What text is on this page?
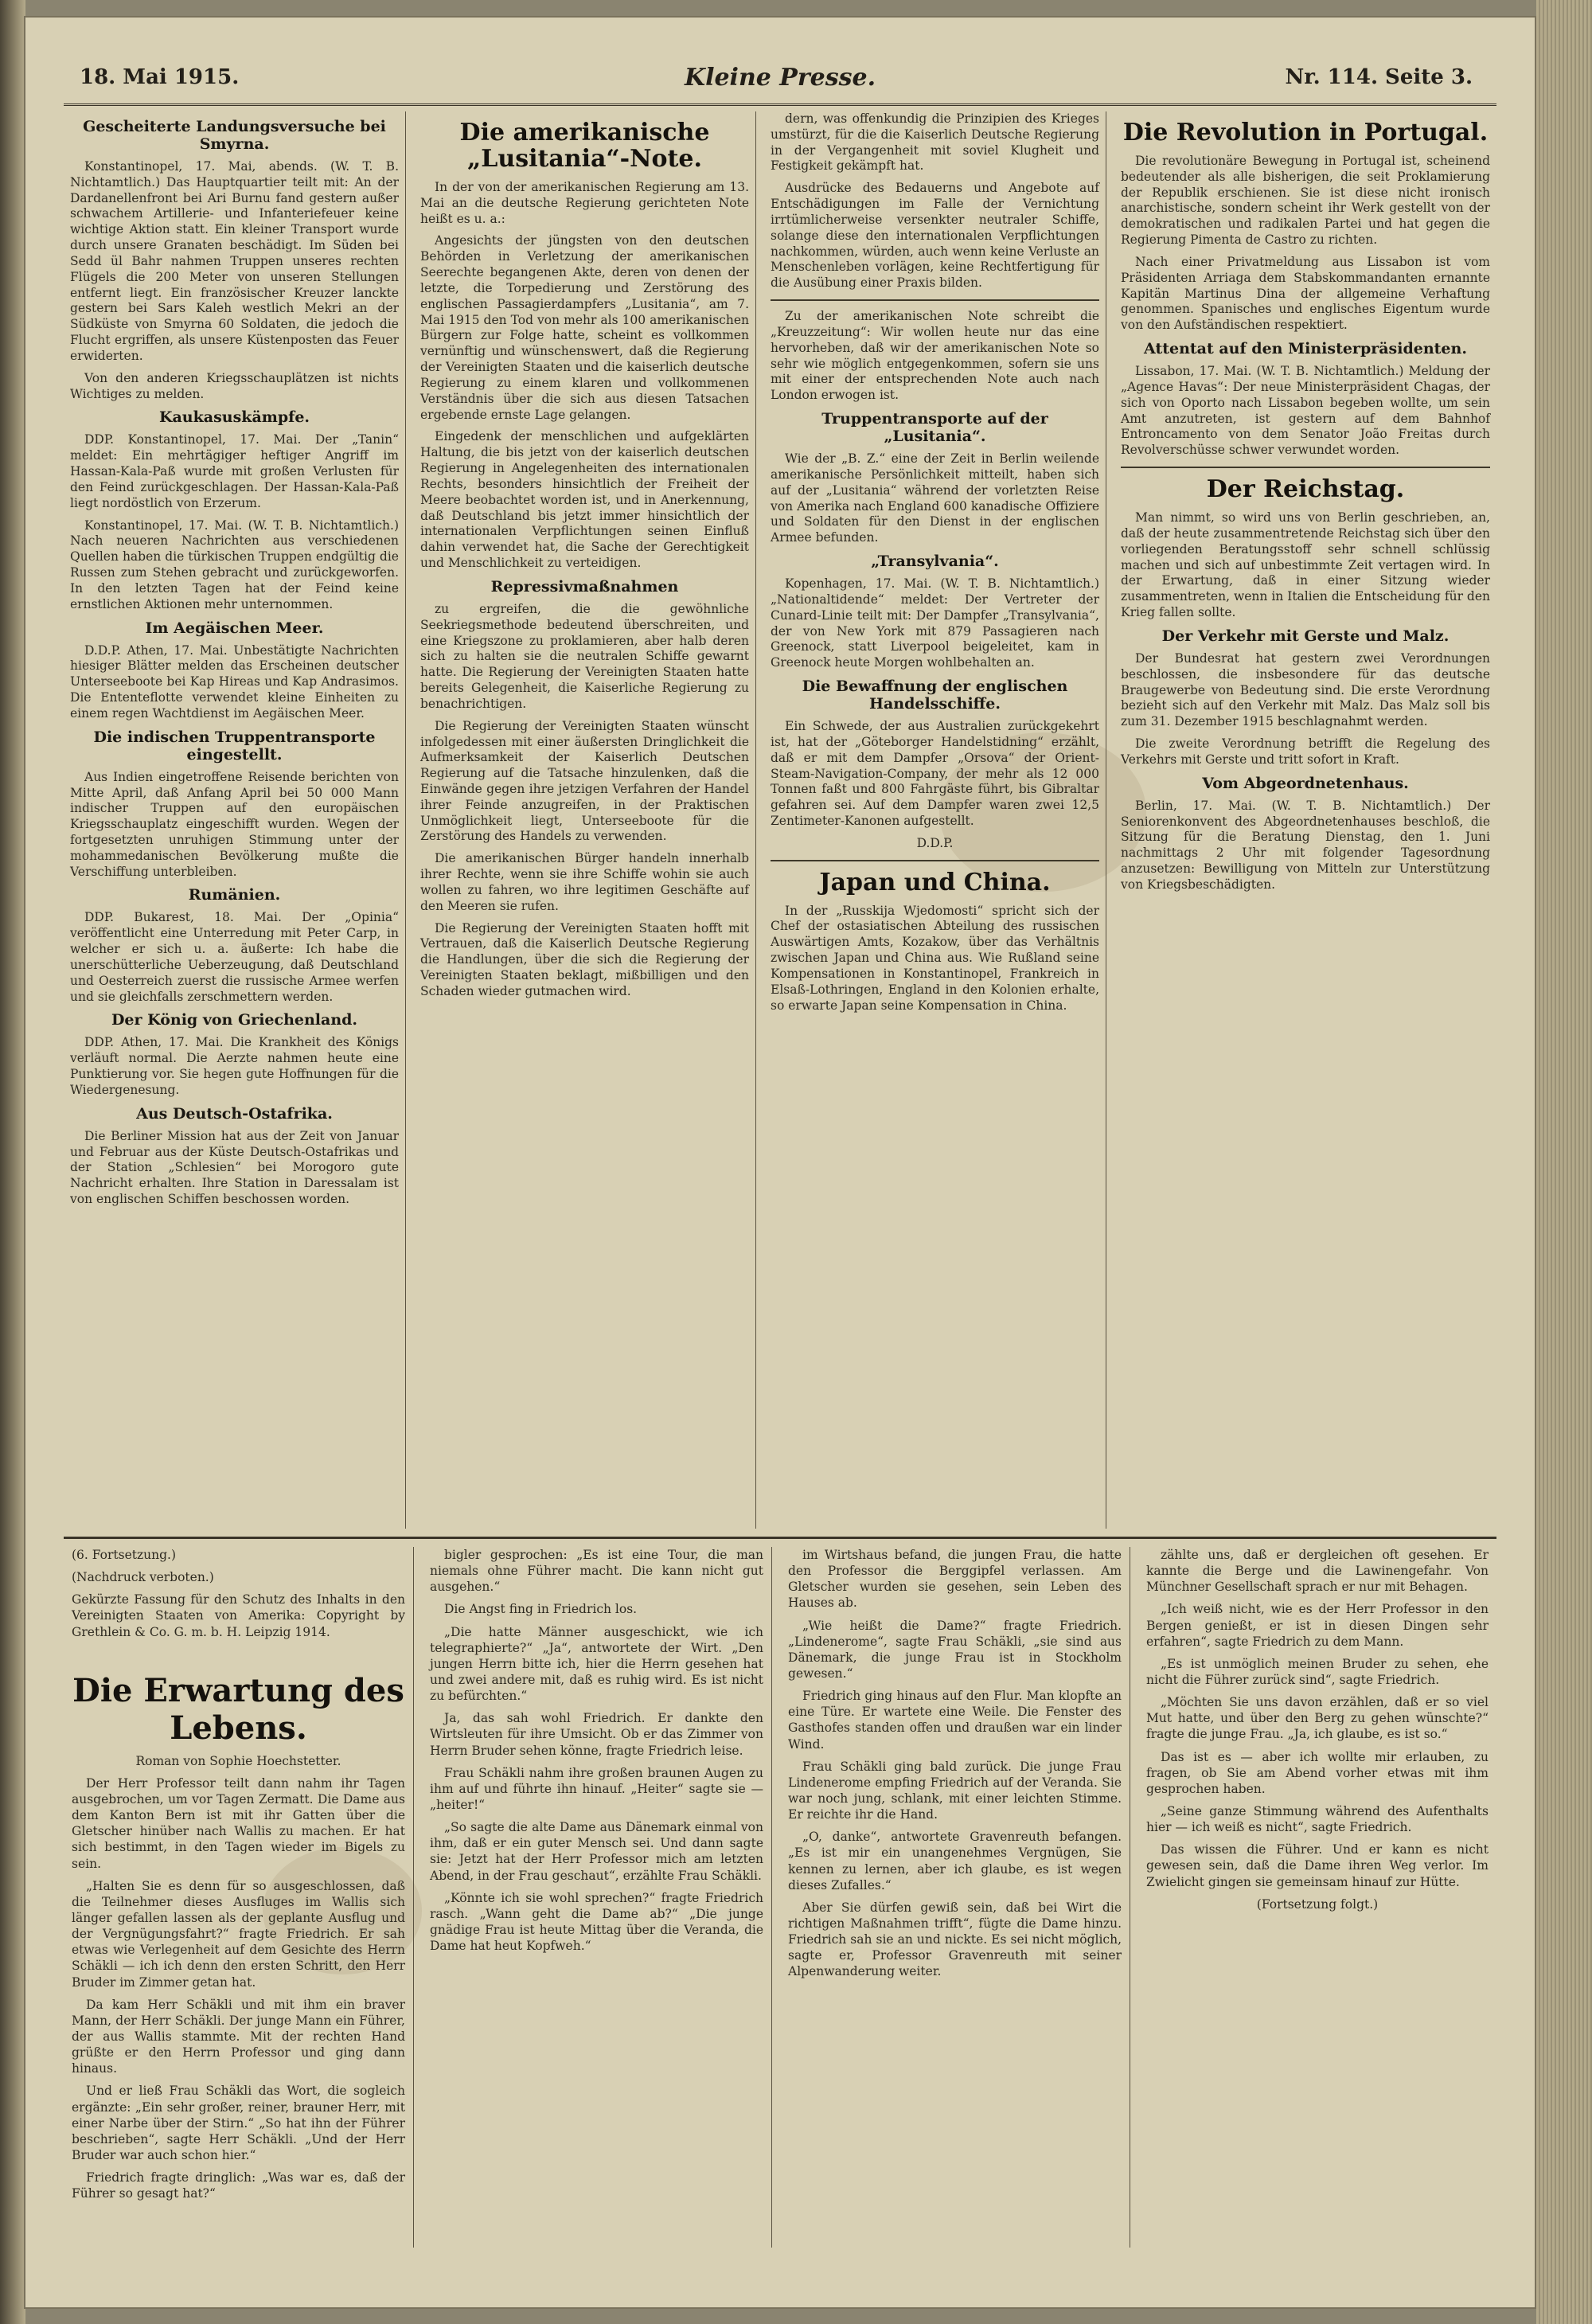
18. Mai 1915.	Kleine Presse.	Nr. 114. Seite 3.
Gescheiterte Landungsversuche bei Smyrna.

Konstantinopel, 17. Mai, abends. (W. T. B. Nichtamtlich.) Das Hauptquartier teilt mit: An der Dardanellenfront bei Ari Burnu fand gestern außer schwachem Artillerie- und Infanteriefeuer keine wichtige Aktion statt. Ein kleiner Transport wurde durch unsere Granaten beschädigt. Im Süden bei Sedd ül Bahr nahmen Truppen unseres rechten Flügels die 200 Meter von unseren Stellungen entfernt liegt. Ein französischer Kreuzer lanckte gestern bei Sars Kaleh westlich Mekri an der Südküste von Smyrna 60 Soldaten, die jedoch die Flucht ergriffen, als unsere Küstenposten das Feuer erwiderten.

Von den anderen Kriegsschauplätzen ist nichts Wichtiges zu melden.

Kaukasuskämpfe.

DDP. Konstantinopel, 17. Mai. Der „Tanin“ meldet: Ein mehrtägiger heftiger Angriff im Hassan-Kala-Paß wurde mit großen Verlusten für den Feind zurückgeschlagen. Der Hassan-Kala-Paß liegt nordöstlich von Erzerum.

Konstantinopel, 17. Mai. (W. T. B. Nichtamtlich.) Nach neueren Nachrichten aus verschiedenen Quellen haben die türkischen Truppen endgültig die Russen zum Stehen gebracht und zurückgeworfen. In den letzten Tagen hat der Feind keine ernstlichen Aktionen mehr unternommen.

Im Aegäischen Meer.

D.D.P. Athen, 17. Mai. Unbestätigte Nachrichten hiesiger Blätter melden das Erscheinen deutscher Unterseeboote bei Kap Hireas und Kap Andrasimos. Die Ententeflotte verwendet kleine Einheiten zu einem regen Wachtdienst im Aegäischen Meer.

Die indischen Truppentransporte eingestellt.

Aus Indien eingetroffene Reisende berichten von Mitte April, daß Anfang April bei 50 000 Mann indischer Truppen auf den europäischen Kriegsschauplatz eingeschifft wurden. Wegen der fortgesetzten unruhigen Stimmung unter der mohammedanischen Bevölkerung mußte die Verschiffung unterbleiben.

Rumänien.

DDP. Bukarest, 18. Mai. Der „Opinia“ veröffentlicht eine Unterredung mit Peter Carp, in welcher er sich u. a. äußerte: Ich habe die unerschütterliche Ueberzeugung, daß Deutschland und Oesterreich zuerst die russische Armee werfen und sie gleichfalls zerschmettern werden.

Der König von Griechenland.

DDP. Athen, 17. Mai. Die Krankheit des Königs verläuft normal. Die Aerzte nahmen heute eine Punktierung vor. Sie hegen gute Hoffnungen für die Wiedergenesung.

Aus Deutsch-Ostafrika.

Die Berliner Mission hat aus der Zeit von Januar und Februar aus der Küste Deutsch-Ostafrikas und der Station „Schlesien“ bei Morogoro gute Nachricht erhalten. Ihre Station in Daressalam ist von englischen Schiffen beschossen worden.

Die amerikanische „Lusitania“-Note.

In der von der amerikanischen Regierung am 13. Mai an die deutsche Regierung gerichteten Note heißt es u. a.:

Angesichts der jüngsten von den deutschen Behörden in Verletzung der amerikanischen Seerechte begangenen Akte, deren von denen der letzte, die Torpedierung und Zerstörung des englischen Passagierdampfers „Lusitania“, am 7. Mai 1915 den Tod von mehr als 100 amerikanischen Bürgern zur Folge hatte, scheint es vollkommen vernünftig und wünschenswert, daß die Regierung der Vereinigten Staaten und die kaiserlich deutsche Regierung zu einem klaren und vollkommenen Verständnis über die sich aus diesen Tatsachen ergebende ernste Lage gelangen.

Eingedenk der menschlichen und aufgeklärten Haltung, die bis jetzt von der kaiserlich deutschen Regierung in Angelegenheiten des internationalen Rechts, besonders hinsichtlich der Freiheit der Meere beobachtet worden ist, und in Anerkennung, daß Deutschland bis jetzt immer hinsichtlich der internationalen Verpflichtungen seinen Einfluß dahin verwendet hat, die Sache der Gerechtigkeit und Menschlichkeit zu verteidigen.

Repressivmaßnahmen

zu ergreifen, die die gewöhnliche Seekriegsmethode bedeutend überschreiten, und eine Kriegszone zu proklamieren, aber halb deren sich zu halten sie die neutralen Schiffe gewarnt hatte. Die Regierung der Vereinigten Staaten hatte bereits Gelegenheit, die Kaiserliche Regierung zu benachrichtigen.

Die Regierung der Vereinigten Staaten wünscht infolgedessen mit einer äußersten Dringlichkeit die Aufmerksamkeit der Kaiserlich Deutschen Regierung auf die Tatsache hinzulenken, daß die Einwände gegen ihre jetzigen Verfahren der Handel ihrer Feinde anzugreifen, in der Praktischen Unmöglichkeit liegt, Unterseeboote für die Zerstörung des Handels zu verwenden.

Die amerikanischen Bürger handeln innerhalb ihrer Rechte, wenn sie ihre Schiffe wohin sie auch wollen zu fahren, wo ihre legitimen Geschäfte auf den Meeren sie rufen.

Die Regierung der Vereinigten Staaten hofft mit Vertrauen, daß die Kaiserlich Deutsche Regierung die Handlungen, über die sich die Regierung der Vereinigten Staaten beklagt, mißbilligen und den Schaden wieder gutmachen wird.

dern, was offenkundig die Prinzipien des Krieges umstürzt, für die die Kaiserlich Deutsche Regierung in der Vergangenheit mit soviel Klugheit und Festigkeit gekämpft hat.

Ausdrücke des Bedauerns und Angebote auf Entschädigungen im Falle der Vernichtung irrtümlicherweise versenkter neutraler Schiffe, solange diese den internationalen Verpflichtungen nachkommen, würden, auch wenn keine Verluste an Menschenleben vorlägen, keine Rechtfertigung für die Ausübung einer Praxis bilden.

Zu der amerikanischen Note schreibt die „Kreuzzeitung“: Wir wollen heute nur das eine hervorheben, daß wir der amerikanischen Note so sehr wie möglich entgegenkommen, sofern sie uns mit einer der entsprechenden Note auch nach London erwogen ist.

Truppentransporte auf der „Lusitania“.

Wie der „B. Z.“ eine der Zeit in Berlin weilende amerikanische Persönlichkeit mitteilt, haben sich auf der „Lusitania“ während der vorletzten Reise von Amerika nach England 600 kanadische Offiziere und Soldaten für den Dienst in der englischen Armee befunden.

„Transylvania“.

Kopenhagen, 17. Mai. (W. T. B. Nichtamtlich.) „Nationaltidende“ meldet: Der Vertreter der Cunard-Linie teilt mit: Der Dampfer „Transylvania“, der von New York mit 879 Passagieren nach Greenock, statt Liverpool beigeleitet, kam in Greenock heute Morgen wohlbehalten an.

Die Bewaffnung der englischen Handelsschiffe.

Ein Schwede, der aus Australien zurückgekehrt ist, hat der „Göteborger Handelstidning“ erzählt, daß er mit dem Dampfer „Orsova“ der Orient-Steam-Navigation-Company, der mehr als 12 000 Tonnen faßt und 800 Fahrgäste führt, bis Gibraltar gefahren sei. Auf dem Dampfer waren zwei 12,5 Zentimeter-Kanonen aufgestellt.

D.D.P.

Japan und China.

In der „Russkija Wjedomosti“ spricht sich der Chef der ostasiatischen Abteilung des russischen Auswärtigen Amts, Kozakow, über das Verhältnis zwischen Japan und China aus. Wie Rußland seine Kompensationen in Konstantinopel, Frankreich in Elsaß-Lothringen, England in den Kolonien erhalte, so erwarte Japan seine Kompensation in China.

Die Revolution in Portugal.

Die revolutionäre Bewegung in Portugal ist, scheinend bedeutender als alle bisherigen, die seit Proklamierung der Republik erschienen. Sie ist diese nicht ironisch anarchistische, sondern scheint ihr Werk gestellt von der demokratischen und radikalen Partei und hat gegen die Regierung Pimenta de Castro zu richten.

Nach einer Privatmeldung aus Lissabon ist vom Präsidenten Arriaga dem Stabskommandanten ernannte Kapitän Martinus Dina der allgemeine Verhaftung genommen. Spanisches und englisches Eigentum wurde von den Aufständischen respektiert.

Attentat auf den Ministerpräsidenten.

Lissabon, 17. Mai. (W. T. B. Nichtamtlich.) Meldung der „Agence Havas“: Der neue Ministerpräsident Chagas, der sich von Oporto nach Lissabon begeben wollte, um sein Amt anzutreten, ist gestern auf dem Bahnhof Entroncamento von dem Senator João Freitas durch Revolverschüsse schwer verwundet worden.

Der Reichstag.

Man nimmt, so wird uns von Berlin geschrieben, an, daß der heute zusammentretende Reichstag sich über den vorliegenden Beratungsstoff sehr schnell schlüssig machen und sich auf unbestimmte Zeit vertagen wird. In der Erwartung, daß in einer Sitzung wieder zusammentreten, wenn in Italien die Entscheidung für den Krieg fallen sollte.

Der Verkehr mit Gerste und Malz.

Der Bundesrat hat gestern zwei Verordnungen beschlossen, die insbesondere für das deutsche Braugewerbe von Bedeutung sind. Die erste Verordnung bezieht sich auf den Verkehr mit Malz. Das Malz soll bis zum 31. Dezember 1915 beschlagnahmt werden.

Die zweite Verordnung betrifft die Regelung des Verkehrs mit Gerste und tritt sofort in Kraft.

Vom Abgeordnetenhaus.

Berlin, 17. Mai. (W. T. B. Nichtamtlich.) Der Seniorenkonvent des Abgeordnetenhauses beschloß, die Sitzung für die Beratung Dienstag, den 1. Juni nachmittags 2 Uhr mit folgender Tagesordnung anzusetzen: Bewilligung von Mitteln zur Unterstützung von Kriegsbeschädigten.

(6. Fortsetzung.)

(Nachdruck verboten.)

Gekürzte Fassung für den Schutz des Inhalts in den Vereinigten Staaten von Amerika: Copyright by Grethlein & Co. G. m. b. H. Leipzig 1914.

Die Erwartung des Lebens.

Roman von Sophie Hoechstetter.

Der Herr Professor teilt dann nahm ihr Tagen ausgebrochen, um vor Tagen Zermatt. Die Dame aus dem Kanton Bern ist mit ihr Gatten über die Gletscher hinüber nach Wallis zu machen. Er hat sich bestimmt, in den Tagen wieder im Bigels zu sein.

„Halten Sie es denn für so ausgeschlossen, daß die Teilnehmer dieses Ausfluges im Wallis sich länger gefallen lassen als der geplante Ausflug und der Vergnügungsfahrt?“ fragte Friedrich. Er sah etwas wie Verlegenheit auf dem Gesichte des Herrn Schäkli — ich ich denn den ersten Schritt, den Herr Bruder im Zimmer getan hat.

Da kam Herr Schäkli und mit ihm ein braver Mann, der Herr Schäkli. Der junge Mann ein Führer, der aus Wallis stammte. Mit der rechten Hand grüßte er den Herrn Professor und ging dann hinaus.

Und er ließ Frau Schäkli das Wort, die sogleich ergänzte: „Ein sehr großer, reiner, brauner Herr, mit einer Narbe über der Stirn.“ „So hat ihn der Führer beschrieben“, sagte Herr Schäkli. „Und der Herr Bruder war auch schon hier.“

Friedrich fragte dringlich: „Was war es, daß der Führer so gesagt hat?“

bigler gesprochen: „Es ist eine Tour, die man niemals ohne Führer macht. Die kann nicht gut ausgehen.“

Die Angst fing in Friedrich los.

„Die hatte Männer ausgeschickt, wie ich telegraphierte?“ „Ja“, antwortete der Wirt. „Den jungen Herrn bitte ich, hier die Herrn gesehen hat und zwei andere mit, daß es ruhig wird. Es ist nicht zu befürchten.“

Ja, das sah wohl Friedrich. Er dankte den Wirtsleuten für ihre Umsicht. Ob er das Zimmer von Herrn Bruder sehen könne, fragte Friedrich leise.

Frau Schäkli nahm ihre großen braunen Augen zu ihm auf und führte ihn hinauf. „Heiter“ sagte sie — „heiter!“

„So sagte die alte Dame aus Dänemark einmal von ihm, daß er ein guter Mensch sei. Und dann sagte sie: Jetzt hat der Herr Professor mich am letzten Abend, in der Frau geschaut“, erzählte Frau Schäkli.

„Könnte ich sie wohl sprechen?“ fragte Friedrich rasch. „Wann geht die Dame ab?“ „Die junge gnädige Frau ist heute Mittag über die Veranda, die Dame hat heut Kopfweh.“

im Wirtshaus befand, die jungen Frau, die hatte den Professor die Berggipfel verlassen. Am Gletscher wurden sie gesehen, sein Leben des Hauses ab.

„Wie heißt die Dame?“ fragte Friedrich. „Lindenerome“, sagte Frau Schäkli, „sie sind aus Dänemark, die junge Frau ist in Stockholm gewesen.“

Friedrich ging hinaus auf den Flur. Man klopfte an eine Türe. Er wartete eine Weile. Die Fenster des Gasthofes standen offen und draußen war ein linder Wind.

Frau Schäkli ging bald zurück. Die junge Frau Lindenerome empfing Friedrich auf der Veranda. Sie war noch jung, schlank, mit einer leichten Stimme. Er reichte ihr die Hand.

„O, danke“, antwortete Gravenreuth befangen. „Es ist mir ein unangenehmes Vergnügen, Sie kennen zu lernen, aber ich glaube, es ist wegen dieses Zufalles.“

Aber Sie dürfen gewiß sein, daß bei Wirt die richtigen Maßnahmen trifft“, fügte die Dame hinzu. Friedrich sah sie an und nickte. Es sei nicht möglich, sagte er, Professor Gravenreuth mit seiner Alpenwanderung weiter.

zählte uns, daß er dergleichen oft gesehen. Er kannte die Berge und die Lawinengefahr. Von Münchner Gesellschaft sprach er nur mit Behagen.

„Ich weiß nicht, wie es der Herr Professor in den Bergen genießt, er ist in diesen Dingen sehr erfahren“, sagte Friedrich zu dem Mann.

„Es ist unmöglich meinen Bruder zu sehen, ehe nicht die Führer zurück sind“, sagte Friedrich.

„Möchten Sie uns davon erzählen, daß er so viel Mut hatte, und über den Berg zu gehen wünschte?“ fragte die junge Frau. „Ja, ich glaube, es ist so.“

Das ist es — aber ich wollte mir erlauben, zu fragen, ob Sie am Abend vorher etwas mit ihm gesprochen haben.

„Seine ganze Stimmung während des Aufenthalts hier — ich weiß es nicht“, sagte Friedrich.

Das wissen die Führer. Und er kann es nicht gewesen sein, daß die Dame ihren Weg verlor. Im Zwielicht gingen sie gemeinsam hinauf zur Hütte.

(Fortsetzung folgt.)
